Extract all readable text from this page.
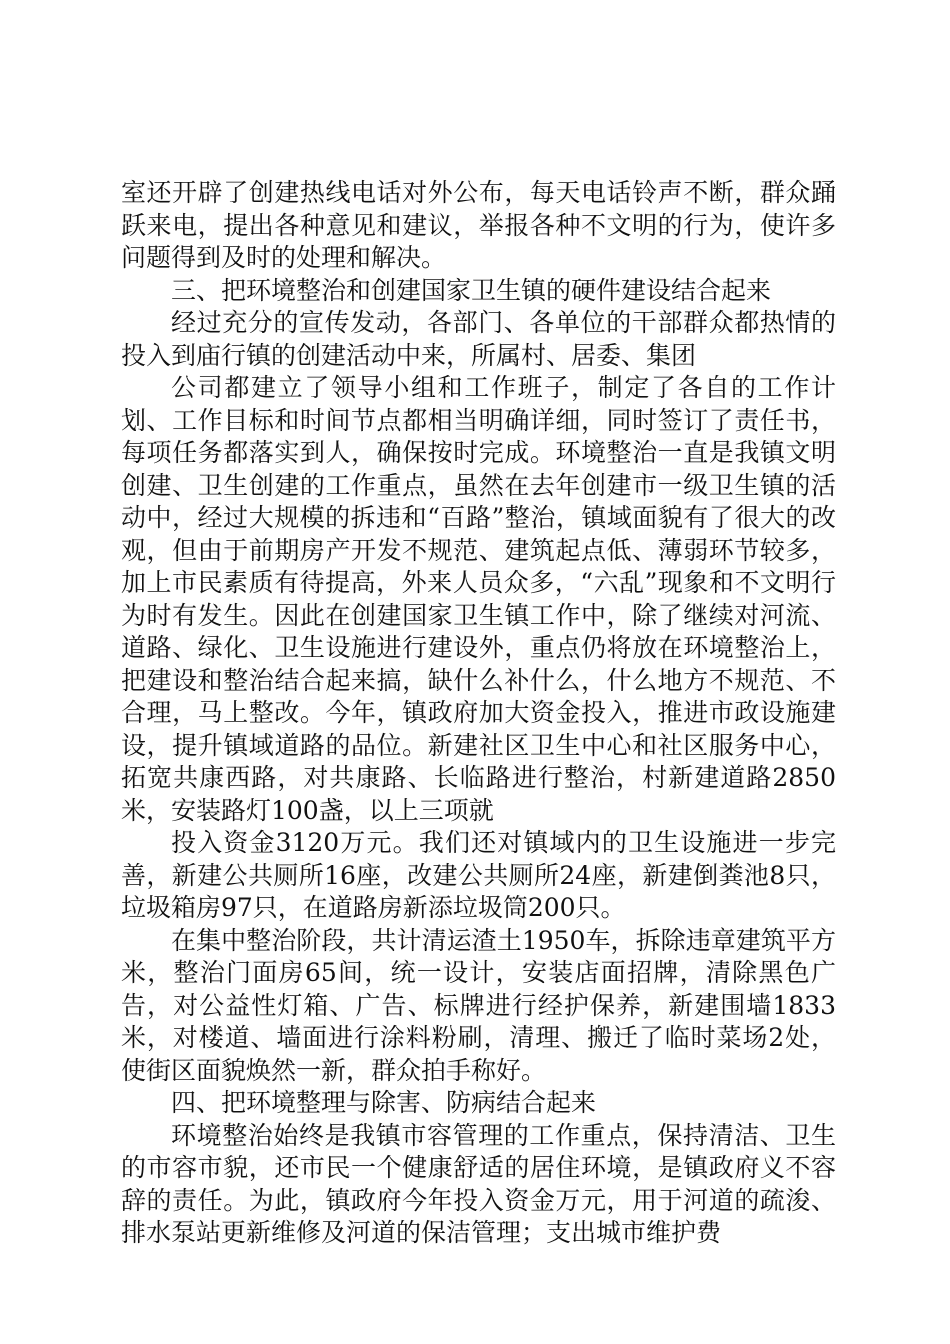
室还开辟了创建热线电话对外公布，每天电话铃声不断，群众踊跃来电，提出各种意见和建议，举报各种不文明的行为，使许多问题得到及时的处理和解决。

三、把环境整治和创建国家卫生镇的硬件建设结合起来

经过充分的宣传发动，各部门、各单位的干部群众都热情的投入到庙行镇的创建活动中来，所属村、居委、集团

公司都建立了领导小组和工作班子，制定了各自的工作计划、工作目标和时间节点都相当明确详细，同时签订了责任书，每项任务都落实到人，确保按时完成。环境整治一直是我镇文明创建、卫生创建的工作重点，虽然在去年创建市一级卫生镇的活动中，经过大规模的拆违和“百路”整治，镇域面貌有了很大的改观，但由于前期房产开发不规范、建筑起点低、薄弱环节较多，加上市民素质有待提高，外来人员众多，“六乱”现象和不文明行为时有发生。因此在创建国家卫生镇工作中，除了继续对河流、道路、绿化、卫生设施进行建设外，重点仍将放在环境整治上，把建设和整治结合起来搞，缺什么补什么，什么地方不规范、不合理，马上整改。今年，镇政府加大资金投入，推进市政设施建设，提升镇域道路的品位。新建社区卫生中心和社区服务中心，拓宽共康西路，对共康路、长临路进行整治，村新建道路2850米，安装路灯100盏，以上三项就

投入资金3120万元。我们还对镇域内的卫生设施进一步完善，新建公共厕所16座，改建公共厕所24座，新建倒粪池8只，垃圾箱房97只，在道路房新添垃圾筒200只。

在集中整治阶段，共计清运渣土1950车，拆除违章建筑平方米，整治门面房65间，统一设计，安装店面招牌，清除黑色广告，对公益性灯箱、广告、标牌进行经护保养，新建围墙1833米，对楼道、墙面进行涂料粉刷，清理、搬迁了临时菜场2处，使街区面貌焕然一新，群众拍手称好。

四、把环境整理与除害、防病结合起来

环境整治始终是我镇市容管理的工作重点，保持清洁、卫生的市容市貌，还市民一个健康舒适的居住环境，是镇政府义不容辞的责任。为此，镇政府今年投入资金万元，用于河道的疏浚、排水泵站更新维修及河道的保洁管理；支出城市维护费
